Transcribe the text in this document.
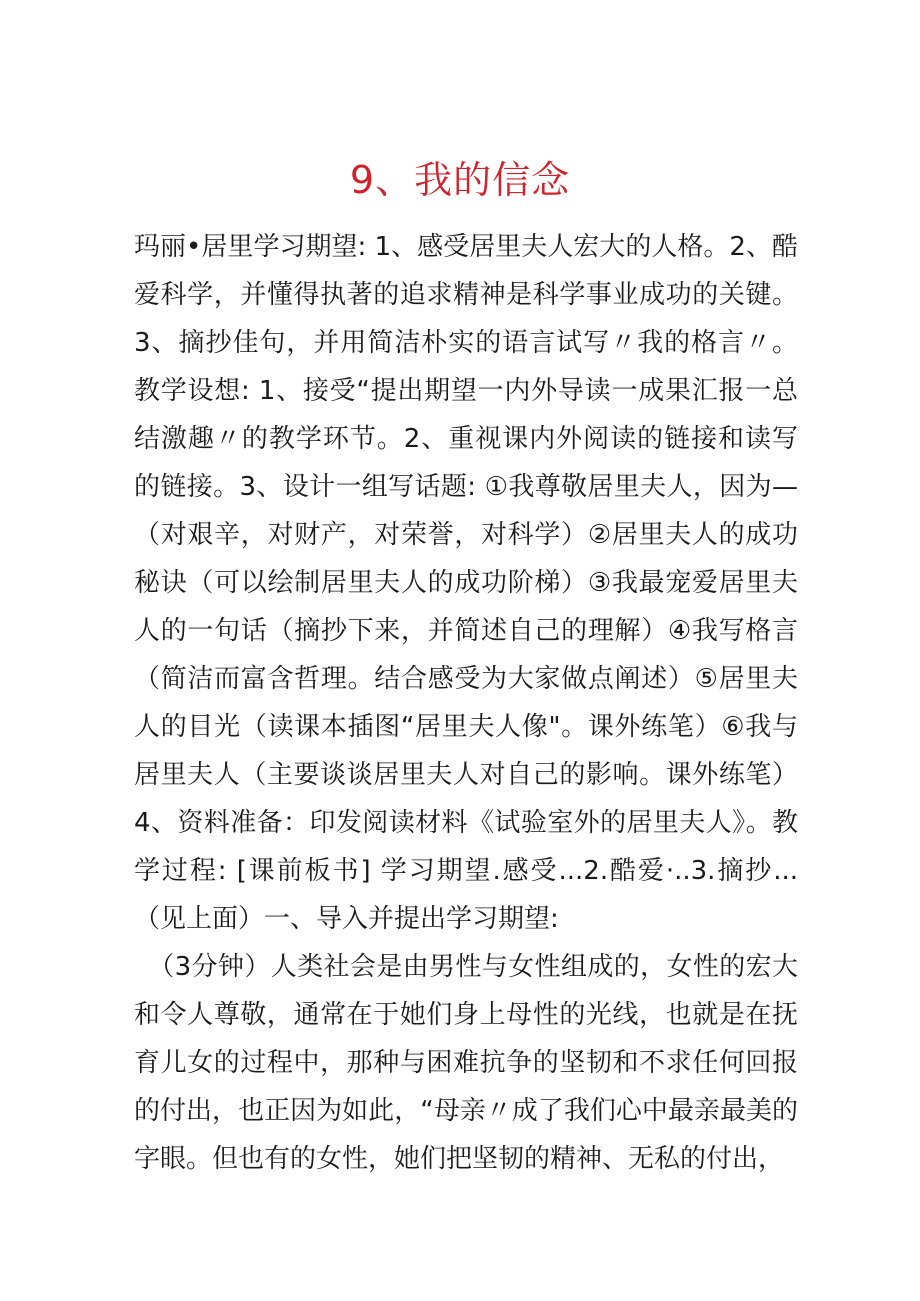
9、我的信念

玛丽•居里学习期望: 1、感受居里夫人宏大的人格。2、酷爱科学，并懂得执著的追求精神是科学事业成功的关键。3、摘抄佳句，并用简洁朴实的语言试写〃我的格言〃。教学设想: 1、接受“提出期望一内外导读一成果汇报一总结激趣〃的教学环节。2、重视课内外阅读的链接和读写的链接。3、设计一组写话题: ①我尊敬居里夫人，因为—（对艰辛，对财产，对荣誉，对科学）②居里夫人的成功秘诀（可以绘制居里夫人的成功阶梯）③我最宠爱居里夫人的一句话（摘抄下来，并简述自己的理解）④我写格言（简洁而富含哲理。结合感受为大家做点阐述）⑤居里夫人的目光（读课本插图“居里夫人像"。课外练笔）⑥我与居里夫人（主要谈谈居里夫人对自己的影响。课外练笔）4、资料准备：印发阅读材料《试验室外的居里夫人》。教学过程: [课前板书] 学习期望.感受...2.酷爱·..3.摘抄...（见上面）一、导入并提出学习期望:

（3分钟）人类社会是由男性与女性组成的，女性的宏大和令人尊敬，通常在于她们身上母性的光线，也就是在抚育儿女的过程中，那种与困难抗争的坚韧和不求任何回报的付出，也正因为如此，“母亲〃成了我们心中最亲最美的字眼。但也有的女性，她们把坚韧的精神、无私的付出，
